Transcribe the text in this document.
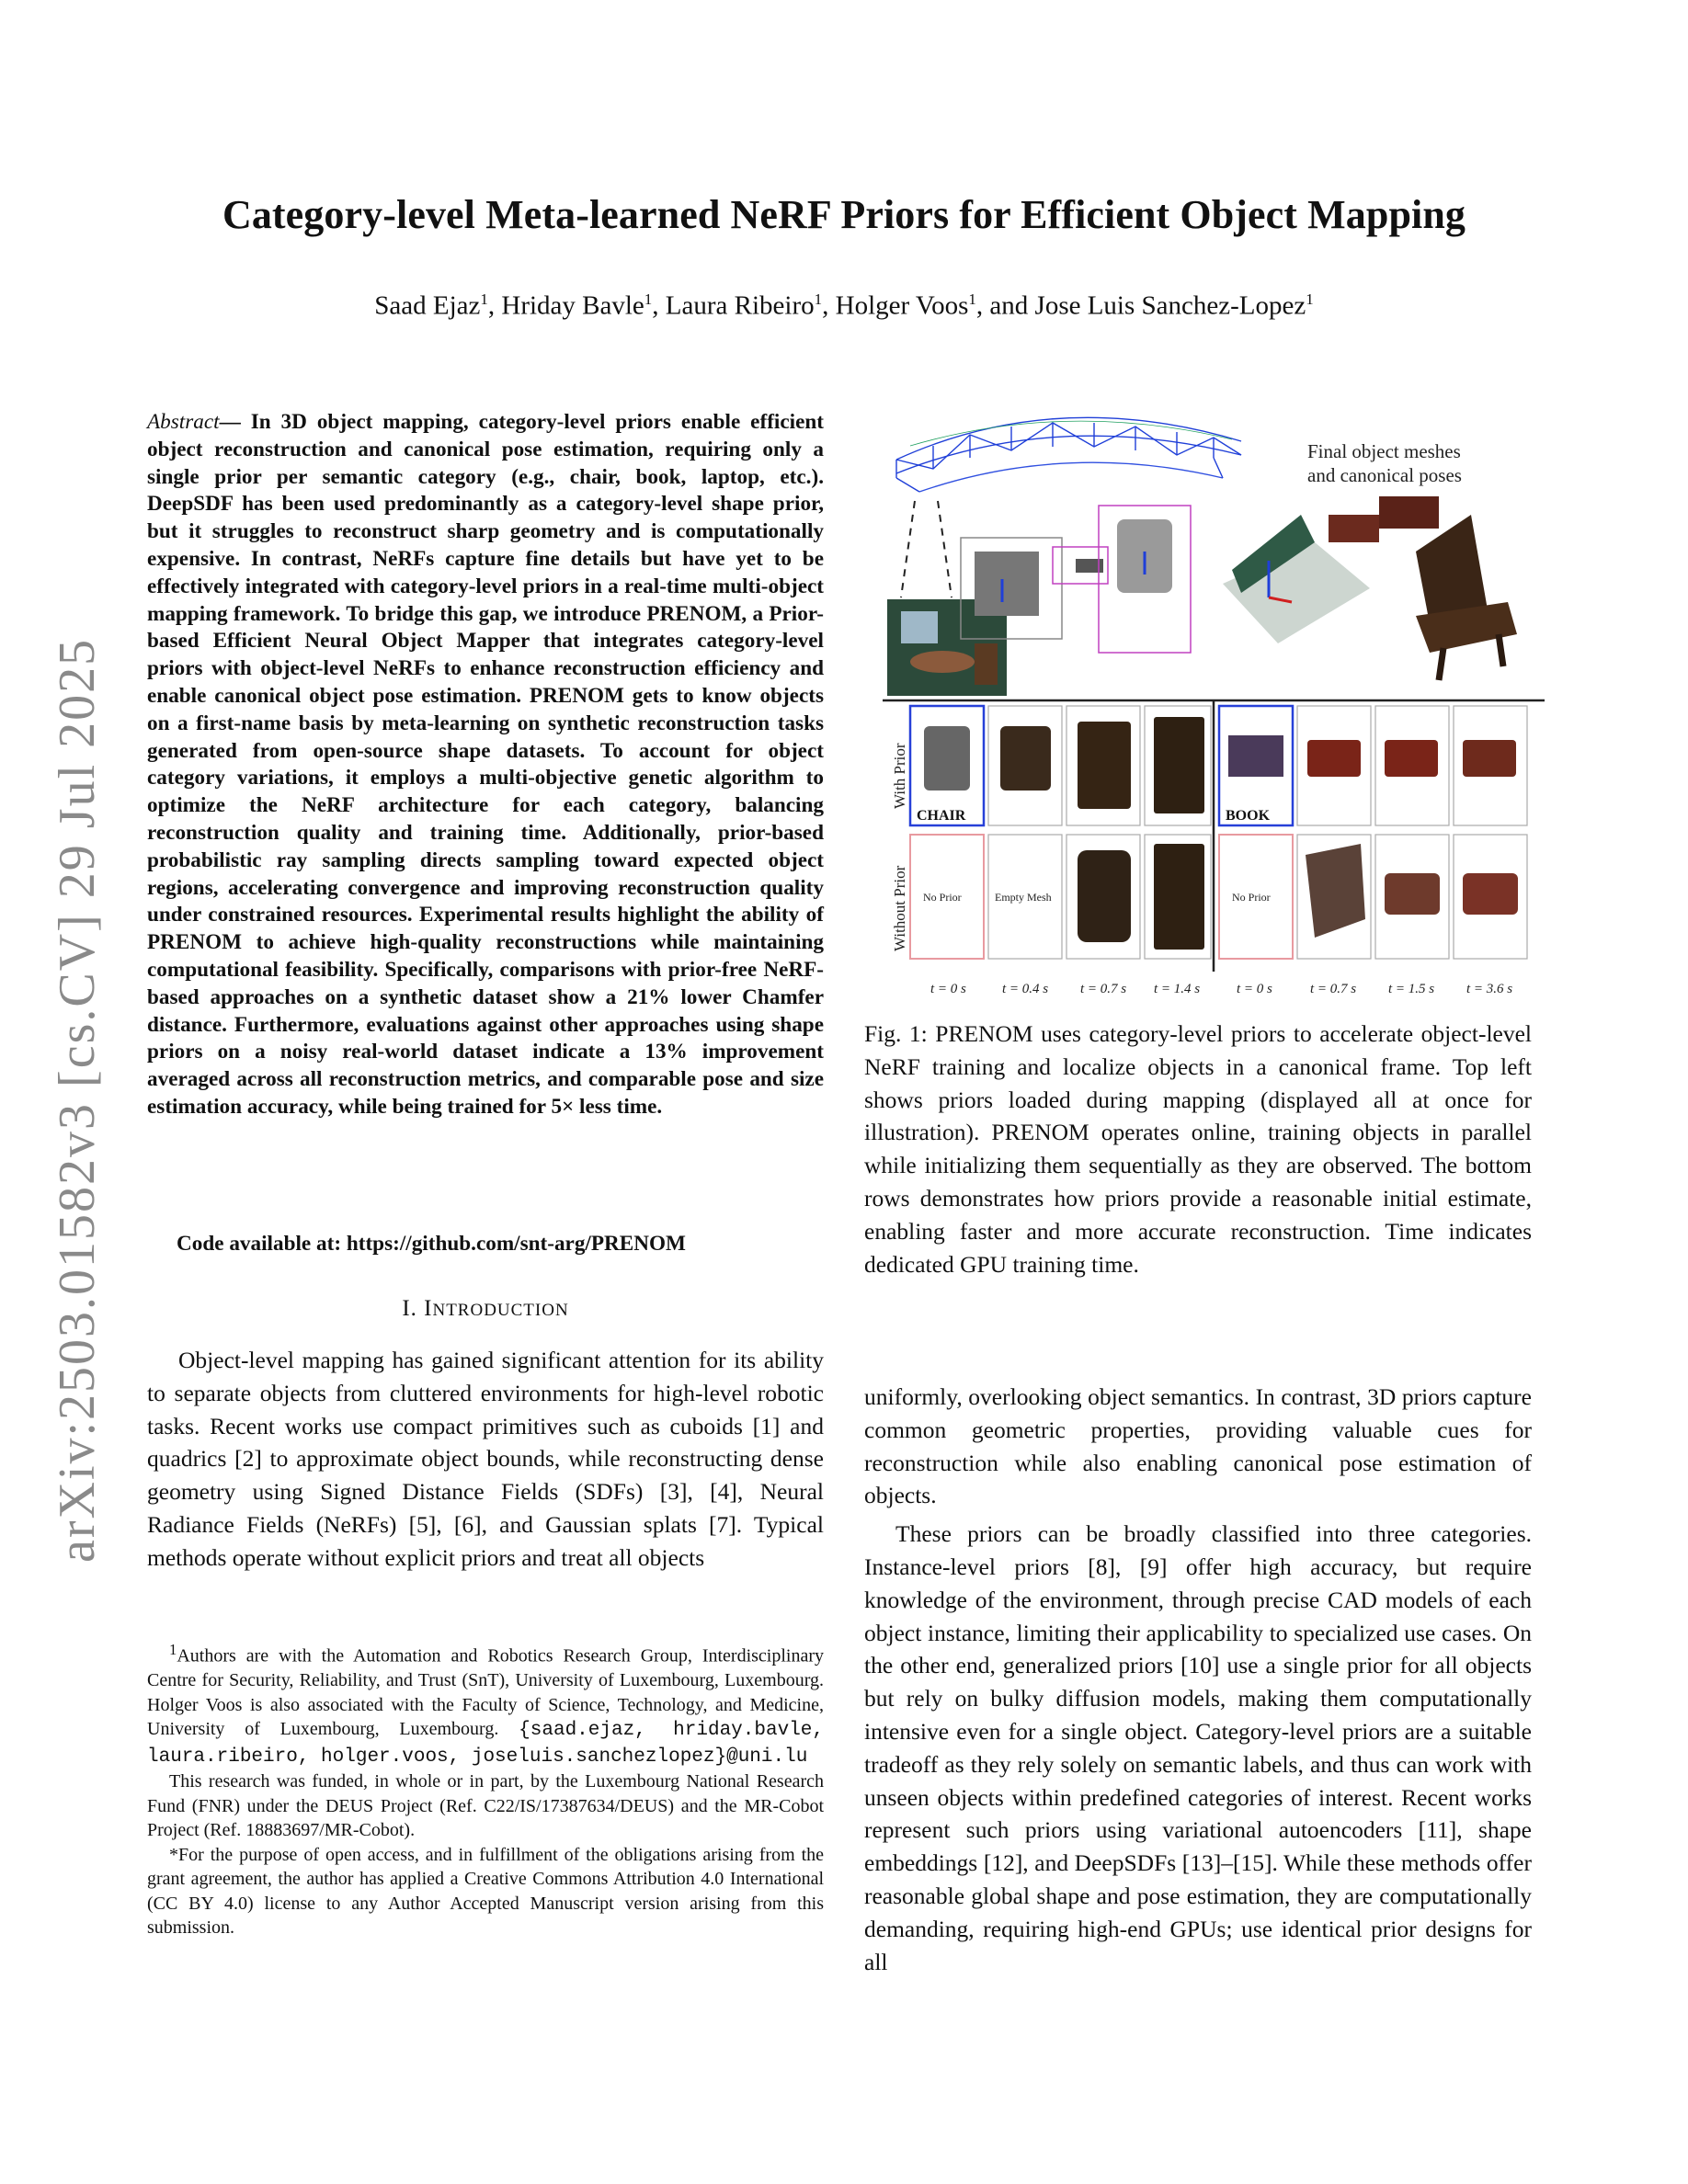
Category-level Meta-learned NeRF Priors for Efficient Object Mapping
Saad Ejaz$^1$, Hriday Bavle$^1$, Laura Ribeiro$^1$, Holger Voos$^1$, and Jose Luis Sanchez-Lopez$^1$
arXiv:2503.01582v3 [cs.CV] 29 Jul 2025
Abstract— In 3D object mapping, category-level priors enable efficient object reconstruction and canonical pose estimation, requiring only a single prior per semantic category (e.g., chair, book, laptop, etc.). DeepSDF has been used predominantly as a category-level shape prior, but it struggles to reconstruct sharp geometry and is computationally expensive. In contrast, NeRFs capture fine details but have yet to be effectively integrated with category-level priors in a real-time multi-object mapping framework. To bridge this gap, we introduce PRENOM, a Prior-based Efficient Neural Object Mapper that integrates category-level priors with object-level NeRFs to enhance reconstruction efficiency and enable canonical object pose estimation. PRENOM gets to know objects on a first-name basis by meta-learning on synthetic reconstruction tasks generated from open-source shape datasets. To account for object category variations, it employs a multi-objective genetic algorithm to optimize the NeRF architecture for each category, balancing reconstruction quality and training time. Additionally, prior-based probabilistic ray sampling directs sampling toward expected object regions, accelerating convergence and improving reconstruction quality under constrained resources. Experimental results highlight the ability of PRENOM to achieve high-quality reconstructions while maintaining computational feasibility. Specifically, comparisons with prior-free NeRF-based approaches on a synthetic dataset show a 21% lower Chamfer distance. Furthermore, evaluations against other approaches using shape priors on a noisy real-world dataset indicate a 13% improvement averaged across all reconstruction metrics, and comparable pose and size estimation accuracy, while being trained for 5× less time.
Code available at: https://github.com/snt-arg/PRENOM
I. INTRODUCTION

Object-level mapping has gained significant attention for its ability to separate objects from cluttered environments for high-level robotic tasks. Recent works use compact primitives such as cuboids [1] and quadrics [2] to approximate object bounds, while reconstructing dense geometry using Signed Distance Fields (SDFs) [3], [4], Neural Radiance Fields (NeRFs) [5], [6], and Gaussian splats [7]. Typical methods operate without explicit priors and treat all objects

$^1$Authors are with the Automation and Robotics Research Group, Interdisciplinary Centre for Security, Reliability, and Trust (SnT), University of Luxembourg, Luxembourg. Holger Voos is also associated with the Faculty of Science, Technology, and Medicine, University of Luxembourg, Luxembourg. {saad.ejaz, hriday.bavle, laura.ribeiro, holger.voos, joseluis.sanchezlopez}@uni.lu

This research was funded, in whole or in part, by the Luxembourg National Research Fund (FNR) under the DEUS Project (Ref. C22/IS/17387634/DEUS) and the MR-Cobot Project (Ref. 18883697/MR-Cobot).

*For the purpose of open access, and in fulfillment of the obligations arising from the grant agreement, the author has applied a Creative Commons Attribution 4.0 International (CC BY 4.0) license to any Author Accepted Manuscript version arising from this submission.

Final object meshes
and canonical poses
With Prior
Without Prior
CHAIR	BOOK
No Prior	Empty Mesh	No Prior
t = 0 s	t = 0.4 s t = 0.7 s t = 1.4 s	t = 0 s	t = 0.7 s t = 1.5 s t = 3.6 s
Fig. 1: PRENOM uses category-level priors to accelerate object-level NeRF training and localize objects in a canonical frame. Top left shows priors loaded during mapping (displayed all at once for illustration). PRENOM operates online, training objects in parallel while initializing them sequentially as they are observed. The bottom rows demonstrates how priors provide a reasonable initial estimate, enabling faster and more accurate reconstruction. Time indicates dedicated GPU training time.

uniformly, overlooking object semantics. In contrast, 3D priors capture common geometric properties, providing valuable cues for reconstruction while also enabling canonical pose estimation of objects.

These priors can be broadly classified into three categories. Instance-level priors [8], [9] offer high accuracy, but require knowledge of the environment, through precise CAD models of each object instance, limiting their applicability to specialized use cases. On the other end, generalized priors [10] use a single prior for all objects but rely on bulky diffusion models, making them computationally intensive even for a single object. Category-level priors are a suitable tradeoff as they rely solely on semantic labels, and thus can work with unseen objects within predefined categories of interest. Recent works represent such priors using variational autoencoders [11], shape embeddings [12], and DeepSDFs [13]–[15]. While these methods offer reasonable global shape and pose estimation, they are computationally demanding, requiring high-end GPUs; use identical prior designs for all
